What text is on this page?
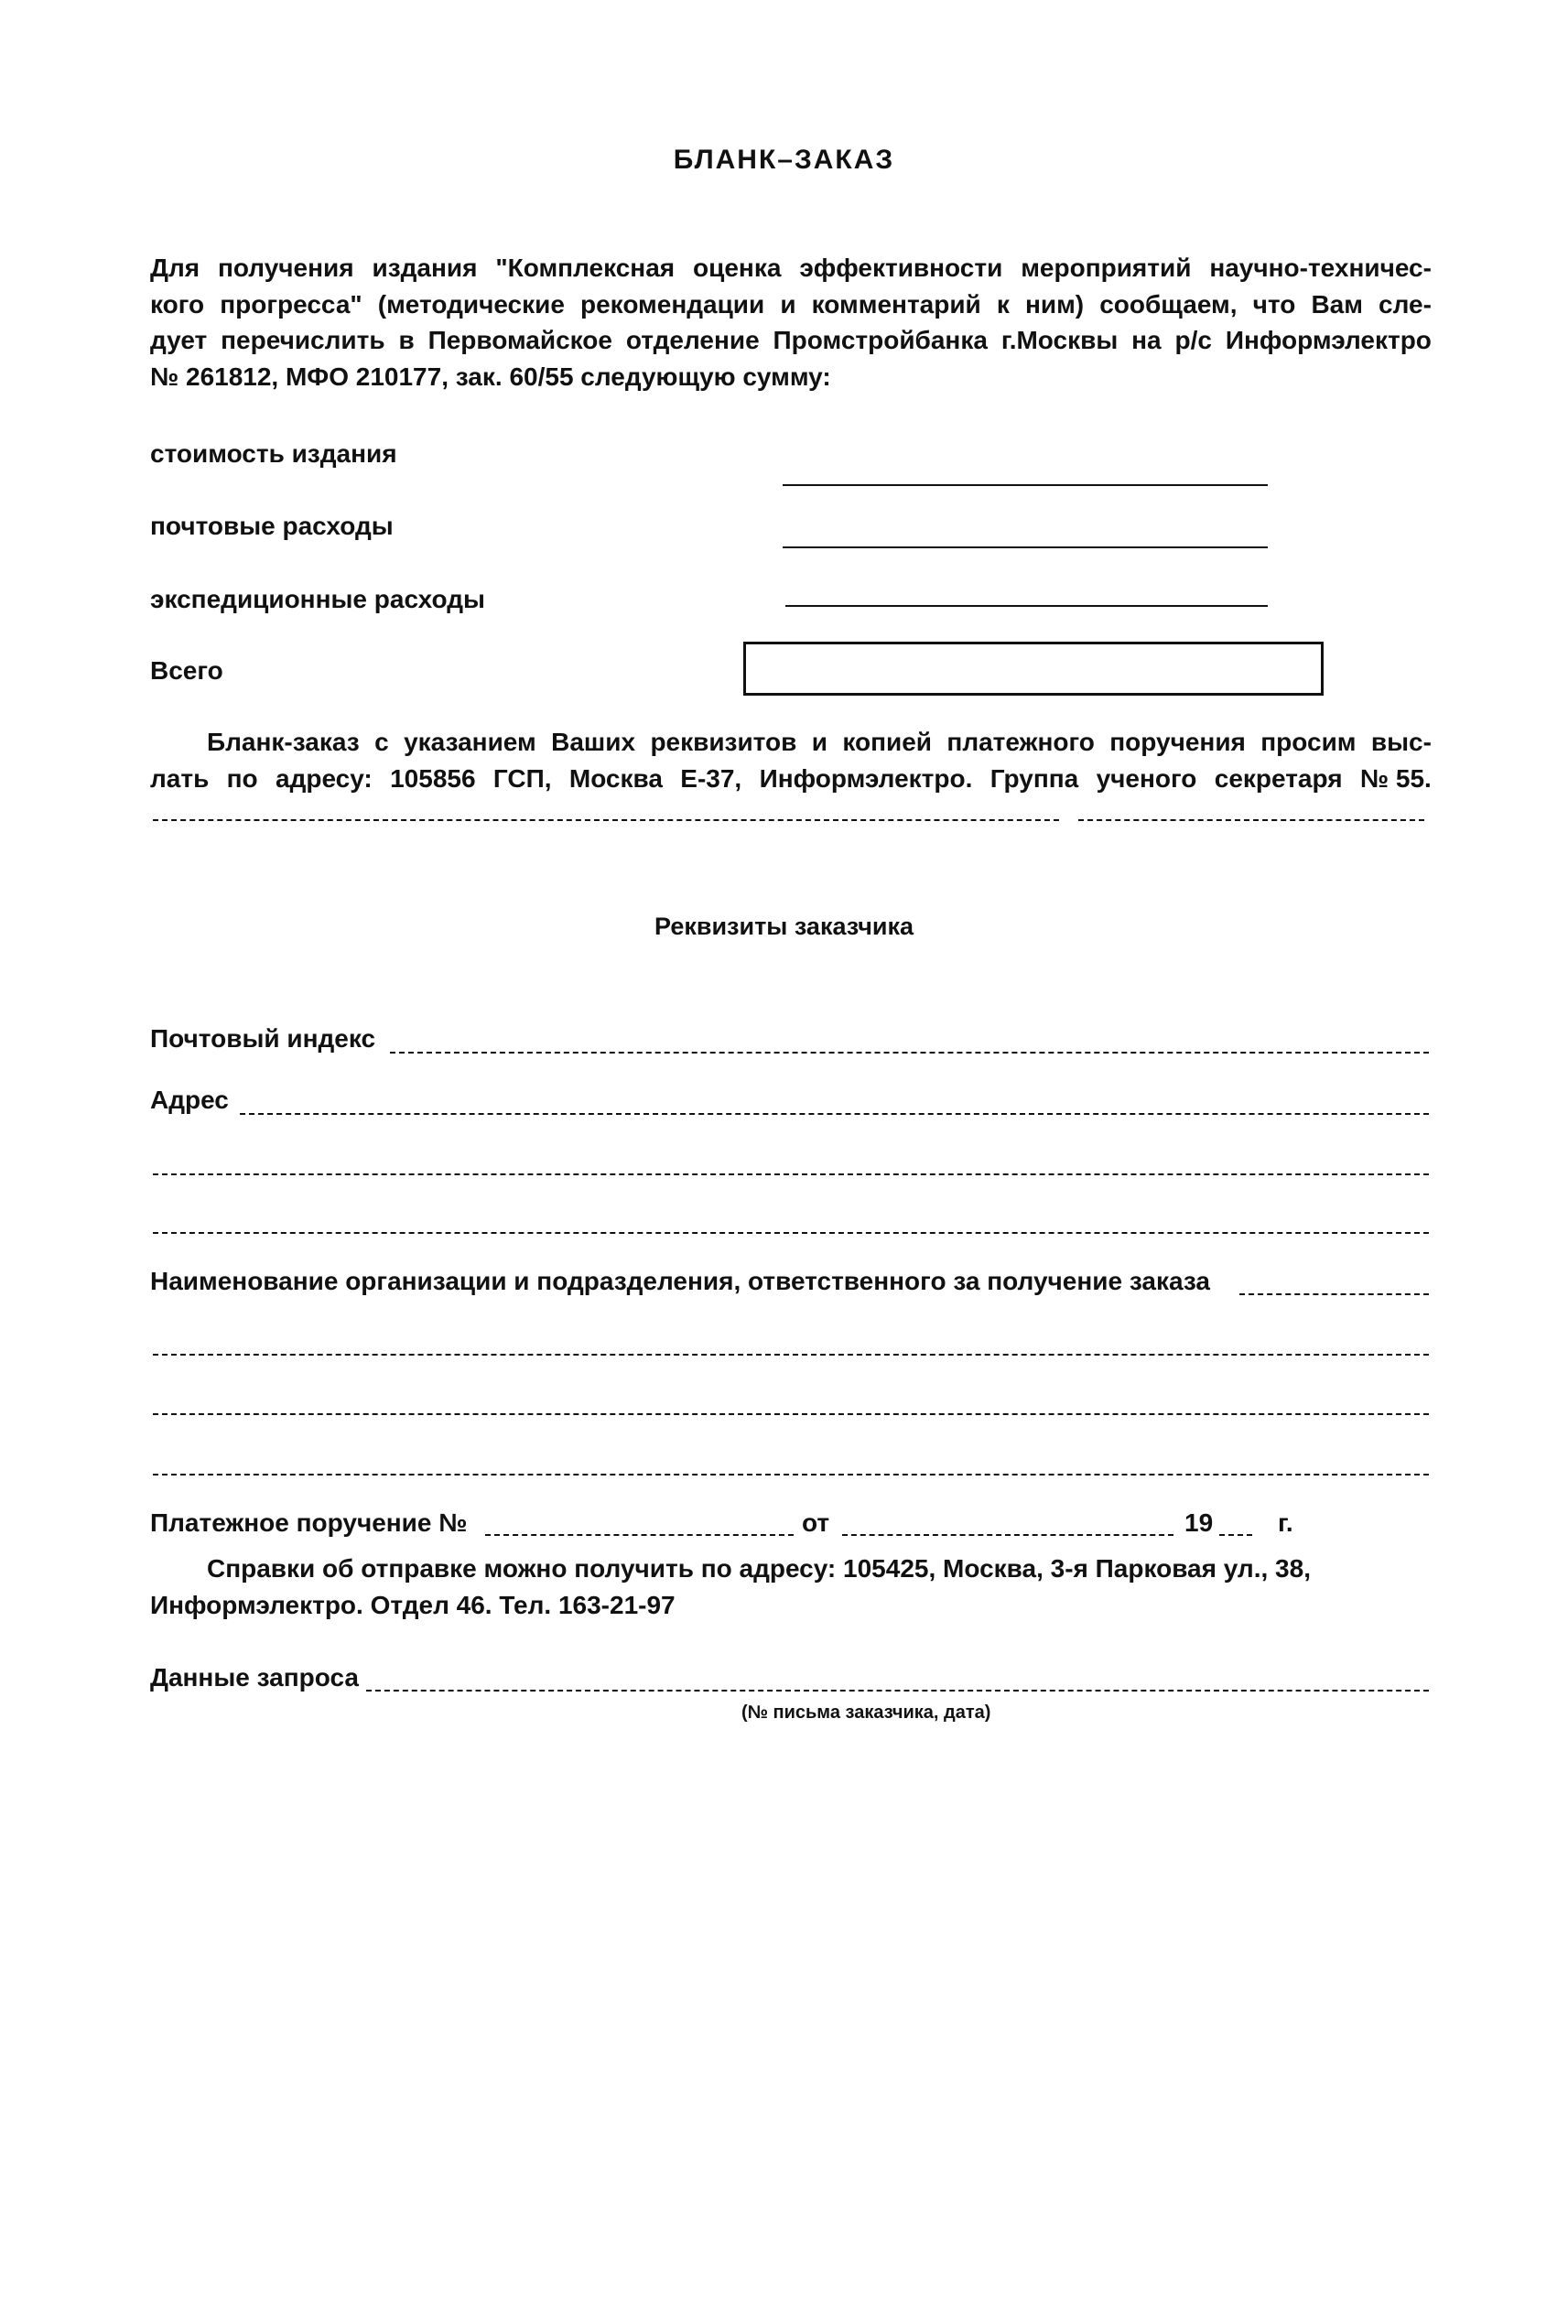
БЛАНК–ЗАКАЗ
Для получения издания "Комплексная оценка эффективности мероприятий научно-техничес-
кого прогресса" (методические рекомендации и комментарий к ним) сообщаем, что Вам сле-
дует перечислить в Первомайское отделение Промстройбанка г.Москвы на р/с Информэлектро
№ 261812, МФО 210177, зак. 60/55 следующую сумму:
стоимость издания
почтовые расходы
экспедиционные расходы
Всего
Бланк-заказ с указанием Ваших реквизитов и копией платежного поручения просим выс-
лать по адресу: 105856 ГСП, Москва Е-37, Информэлектро. Группа ученого секретаря № 55.
Реквизиты заказчика
Почтовый индекс
Адрес
Наименование организации и подразделения, ответственного за получение заказа
Платежное поручение №	от	19	г.
Справки об отправке можно получить по адресу: 105425, Москва, 3-я Парковая ул., 38,
Информэлектро. Отдел 46. Тел. 163-21-97
Данные запроса
(№ письма заказчика, дата)
